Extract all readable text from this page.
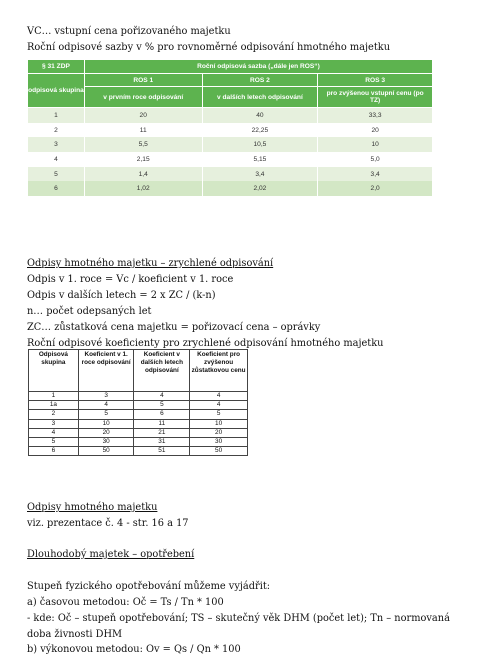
VC… vstupní cena pořizovaného majetku
Roční odpisové sazby v % pro rovnoměrné odpisování hmotného majetku
§ 31 ZDP	Roční odpisová sazba („dále jen ROS“)		
odpisová skupina	ROS 1	ROS 2	ROS 3
	v prvním roce odpisování	v dalších letech odpisování	pro zvýšenou vstupní cenu (po TZ)
1	20	40	33,3
2	11	22,25	20
3	5,5	10,5	10
4	2,15	5,15	5,0
5	1,4	3,4	3,4
6	1,02	2,02	2,0
Odpisy hmotného majetku – zrychlené odpisování
Odpis v 1. roce = Vc / koeficient v 1. roce
Odpis v dalších letech = 2 x ZC / (k-n)
n… počet odepsaných let
ZC… zůstatková cena majetku = pořizovací cena – oprávky
Roční odpisové koeficienty pro zrychlené odpisování hmotného majetku
Odpisová skupina	Koeficient v 1. roce odpisování	Koeficient v dalších letech odpisování	Koeficient pro zvýšenou zůstatkovou cenu
1	3	4	4
1a	4	5	4
2	5	6	5
3	10	11	10
4	20	21	20
5	30	31	30
6	50	51	50
Odpisy hmotného majetku
viz. prezentace č. 4 - str. 16 a 17
Dlouhodobý majetek – opotřebení
Stupeň fyzického opotřebování můžeme vyjádřit:
a) časovou metodou: Oč = Ts / Tn * 100
- kde: Oč – stupeň opotřebování; TS – skutečný věk DHM (počet let); Tn – normovaná
doba živnosti DHM
b) výkonovou metodou: Ov = Qs / Qn * 100
